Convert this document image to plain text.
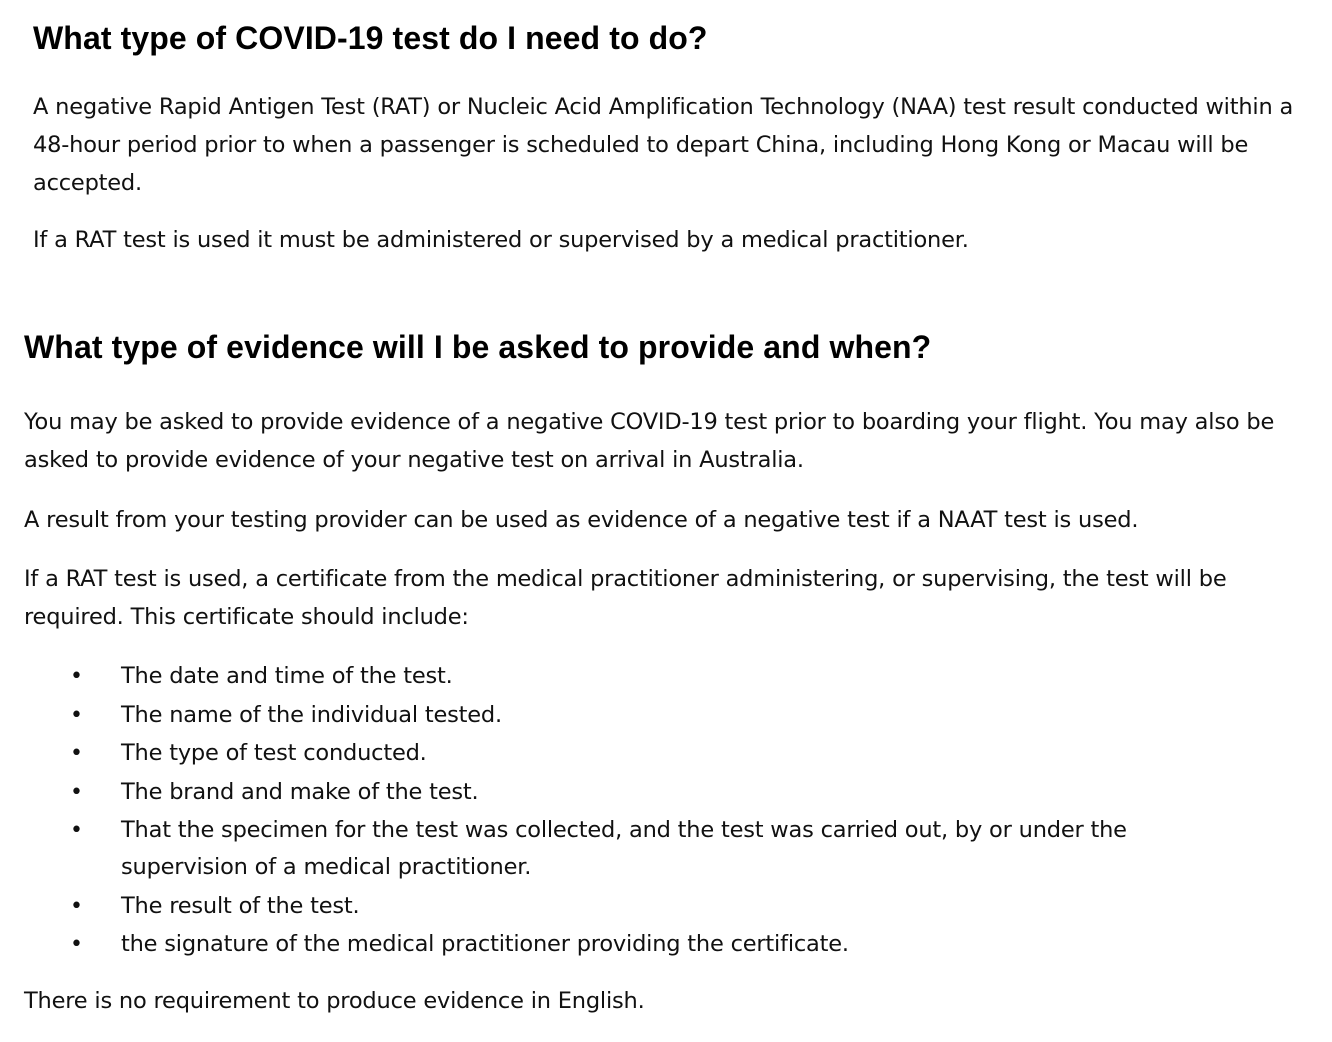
What type of COVID-19 test do I need to do?

A negative Rapid Antigen Test (RAT) or Nucleic Acid Amplification Technology (NAA) test result conducted within a 48-hour period prior to when a passenger is scheduled to depart China, including Hong Kong or Macau will be accepted.

If a RAT test is used it must be administered or supervised by a medical practitioner.

What type of evidence will I be asked to provide and when?

You may be asked to provide evidence of a negative COVID-19 test prior to boarding your flight. You may also be asked to provide evidence of your negative test on arrival in Australia.

A result from your testing provider can be used as evidence of a negative test if a NAAT test is used.

If a RAT test is used, a certificate from the medical practitioner administering, or supervising, the test will be required. This certificate should include:

• The date and time of the test.
• The name of the individual tested.
• The type of test conducted.
• The brand and make of the test.
• That the specimen for the test was collected, and the test was carried out, by or under the supervision of a medical practitioner.
• The result of the test.
• the signature of the medical practitioner providing the certificate.

There is no requirement to produce evidence in English.
